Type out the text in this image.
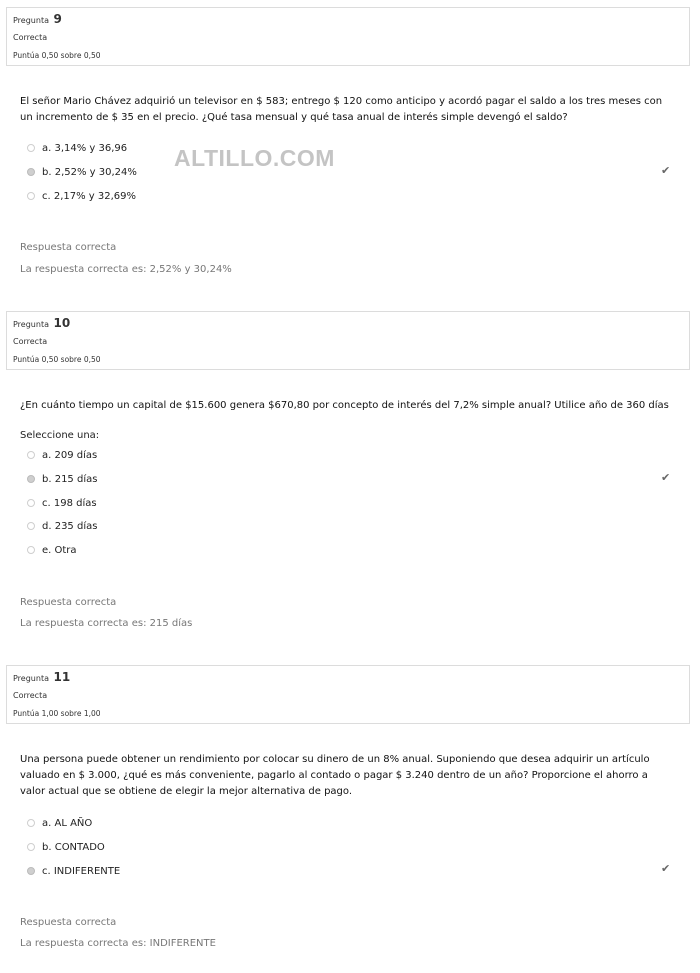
Pregunta 9
Correcta
Puntúa 0,50 sobre 0,50
El señor Mario Chávez adquirió un televisor en $ 583; entrego $ 120 como anticipo y acordó pagar el saldo a los tres meses con un incremento de $ 35 en el precio. ¿Qué tasa mensual y qué tasa anual de interés simple devengó el saldo?
a. 3,14% y 36,96
b. 2,52% y 30,24%
c. 2,17% y 32,69%
✔
ALTILLO.COM
Respuesta correcta
La respuesta correcta es: 2,52% y 30,24%
Pregunta 10
Correcta
Puntúa 0,50 sobre 0,50
¿En cuánto tiempo un capital de $15.600 genera $670,80 por concepto de interés del 7,2% simple anual? Utilice año de 360 días
Seleccione una:
a. 209 días
b. 215 días
c. 198 días
d. 235 días
e. Otra
✔
Respuesta correcta
La respuesta correcta es: 215 días
Pregunta 11
Correcta
Puntúa 1,00 sobre 1,00
Una persona puede obtener un rendimiento por colocar su dinero de un 8% anual. Suponiendo que desea adquirir un artículo valuado en $ 3.000, ¿qué es más conveniente, pagarlo al contado o pagar $ 3.240 dentro de un año? Proporcione el ahorro a valor actual que se obtiene de elegir la mejor alternativa de pago.
a. AL AÑO
b. CONTADO
c. INDIFERENTE	✔
Respuesta correcta
La respuesta correcta es: INDIFERENTE
